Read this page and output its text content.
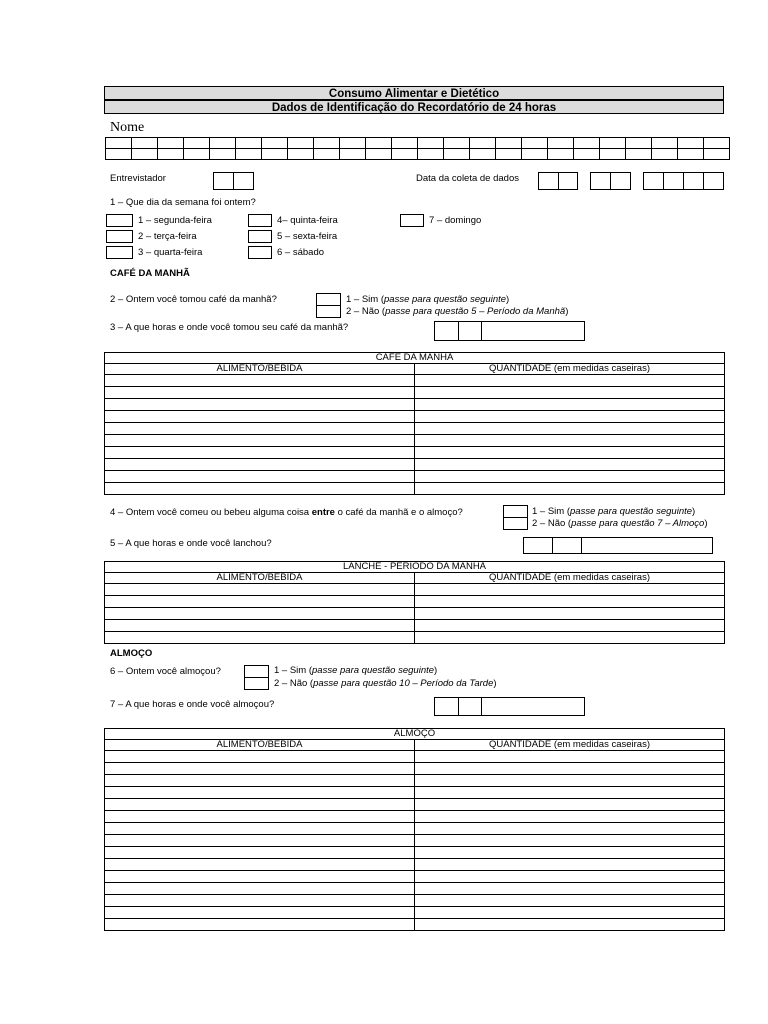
Consumo Alimentar e Dietético
Dados de Identificação do Recordatório de 24 horas
Nome

Entrevistador	Data da coleta de dados
1 – Que dia da semana foi ontem?
1 – segunda-feira
2 – terça-feira
3 – quarta-feira
4– quinta-feira
5 – sexta-feira
6 – sábado
7 – domingo
CAFÉ DA MANHÃ
2 – Ontem você tomou café da manhã?	1 – Sim (passe para questão seguinte)
2 – Não (passe para questão 5 – Período da Manhã)
3 – A que horas e onde você tomou seu café da manhã?
CAFÉ DA MANHÃ	
ALIMENTO/BEBIDA	QUANTIDADE (em medidas caseiras)

4 – Ontem você comeu ou bebeu alguma coisa entre o café da manhã e o almoço?	1 – Sim (passe para questão seguinte)
2 – Não (passe para questão 7 – Almoço)
5 – A que horas e onde você lanchou?
LANCHE - PERÍODO DA MANHÃ	
ALIMENTO/BEBIDA	QUANTIDADE (em medidas caseiras)

ALMOÇO
6 – Ontem você almoçou?	1 – Sim (passe para questão seguinte)
2 – Não (passe para questão 10 – Período da Tarde)
7 – A que horas e onde você almoçou?
ALMOÇO	
ALIMENTO/BEBIDA	QUANTIDADE (em medidas caseiras)
